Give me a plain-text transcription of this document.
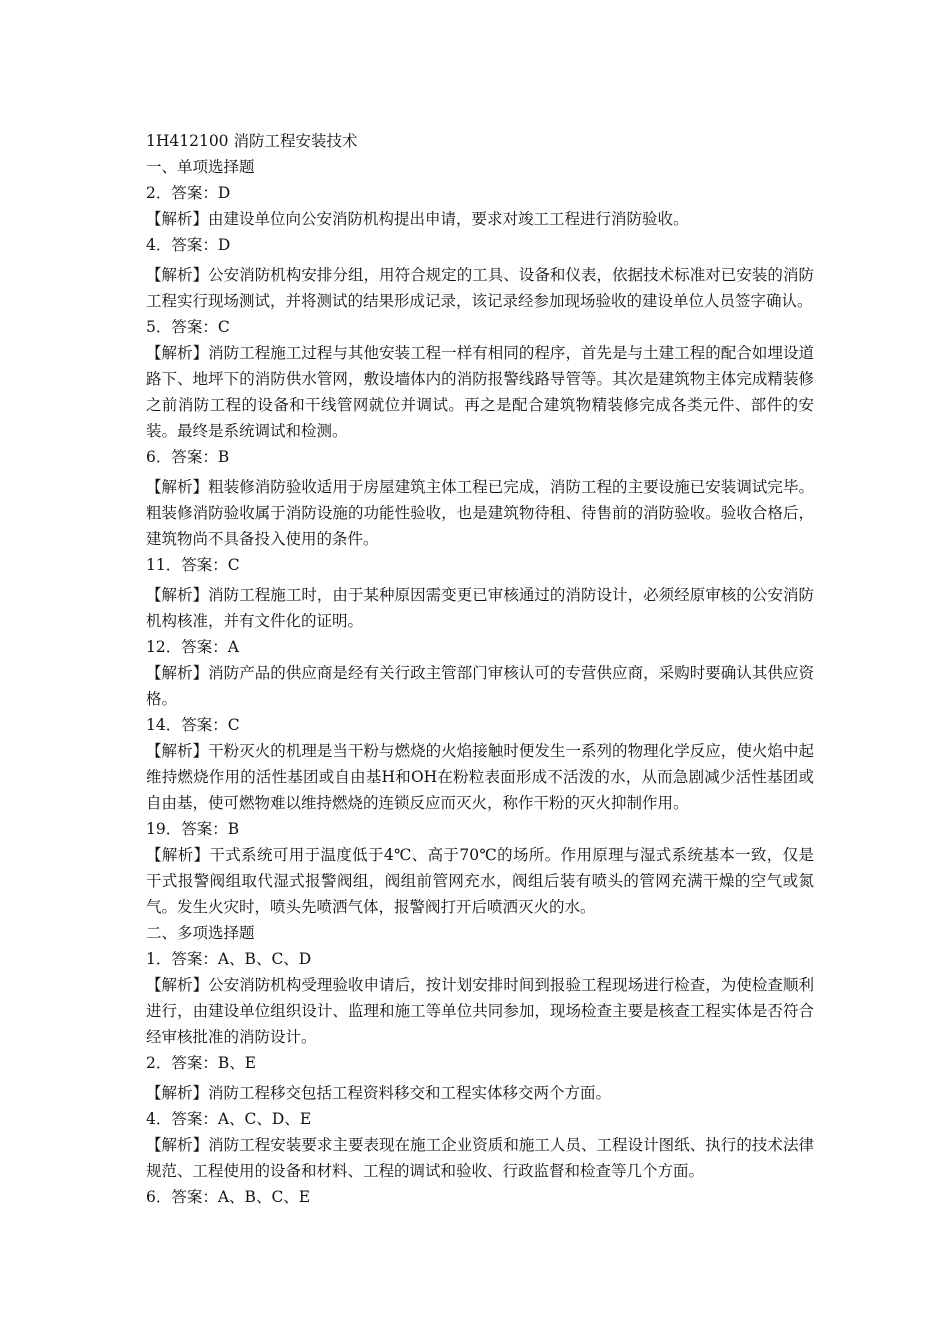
1H412100 消防工程安装技术
一、单项选择题
2．答案：D
【解析】由建设单位向公安消防机构提出申请，要求对竣工工程进行消防验收。
4．答案：D
【解析】公安消防机构安排分组，用符合规定的工具、设备和仪表，依据技术标准对已安装的消防工程实行现场测试，并将测试的结果形成记录，该记录经参加现场验收的建设单位人员签字确认。
5．答案：C
【解析】消防工程施工过程与其他安装工程一样有相同的程序，首先是与土建工程的配合如埋设道路下、地坪下的消防供水管网，敷设墙体内的消防报警线路导管等。其次是建筑物主体完成精装修之前消防工程的设备和干线管网就位并调试。再之是配合建筑物精装修完成各类元件、部件的安装。最终是系统调试和检测。
6．答案：B
【解析】粗装修消防验收适用于房屋建筑主体工程已完成，消防工程的主要设施已安装调试完毕。粗装修消防验收属于消防设施的功能性验收，也是建筑物待租、待售前的消防验收。验收合格后，建筑物尚不具备投入使用的条件。
11．答案：C
【解析】消防工程施工时，由于某种原因需变更已审核通过的消防设计，必须经原审核的公安消防机构核准，并有文件化的证明。
12．答案：A
【解析】消防产品的供应商是经有关行政主管部门审核认可的专营供应商，采购时要确认其供应资格。
14．答案：C
【解析】干粉灭火的机理是当干粉与燃烧的火焰接触时便发生一系列的物理化学反应，使火焰中起维持燃烧作用的活性基团或自由基H和OH在粉粒表面形成不活泼的水，从而急剧减少活性基团或自由基，使可燃物难以维持燃烧的连锁反应而灭火，称作干粉的灭火抑制作用。
19．答案：B
【解析】干式系统可用于温度低于4℃、高于70℃的场所。作用原理与湿式系统基本一致，仅是干式报警阀组取代湿式报警阀组，阀组前管网充水，阀组后装有喷头的管网充满干燥的空气或氮气。发生火灾时，喷头先喷洒气体，报警阀打开后喷洒灭火的水。
二、多项选择题
1．答案：A、B、C、D
【解析】公安消防机构受理验收申请后，按计划安排时间到报验工程现场进行检查，为使检查顺利进行，由建设单位组织设计、监理和施工等单位共同参加，现场检查主要是核查工程实体是否符合经审核批准的消防设计。
2．答案：B、E
【解析】消防工程移交包括工程资料移交和工程实体移交两个方面。
4．答案：A、C、D、E
【解析】消防工程安装要求主要表现在施工企业资质和施工人员、工程设计图纸、执行的技术法律规范、工程使用的设备和材料、工程的调试和验收、行政监督和检查等几个方面。
6．答案：A、B、C、E
